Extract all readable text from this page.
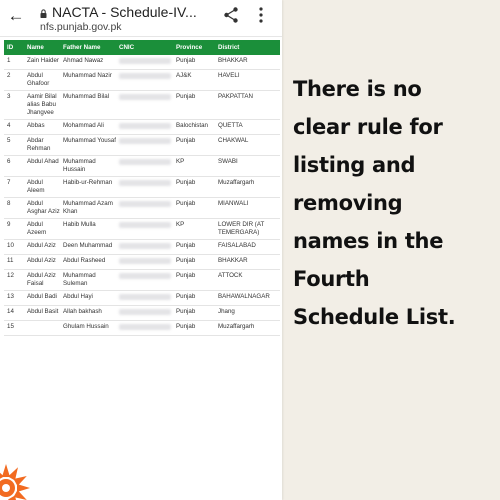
← NACTA - Schedule-IV...
nfs.punjab.gov.pk
ID	Name	Father Name	CNIC	Province	District
1	Zain Haider	Ahmad Nawaz		Punjab	BHAKKAR
2	Abdul Ghafoor	Muhammad Nazir		AJ&K	HAVELI
3	Aamir Bilal alias Babu Jhangvee	Muhammad Bilal		Punjab	PAKPATTAN
4	Abbas	Mohammad Ali		Balochistan	QUETTA
5	Abdar Rehman	Muhammad Yousaf		Punjab	CHAKWAL
6	Abdul Ahad	Muhammad Hussain		KP	SWABI
7	Abdul Aleem	Habib-ur-Rehman		Punjab	Muzaffargarh
8	Abdul Asghar Aziz	Muhammad Azam Khan		Punjab	MIANWALI
9	Abdul Azeem	Habib Mulla		KP	LOWER DIR (AT TEMERGARA)
10	Abdul Aziz	Deen Muhammad		Punjab	FAISALABAD
11	Abdul Aziz	Abdul Rasheed		Punjab	BHAKKAR
12	Abdul Aziz Faisal	Muhammad Suleman		Punjab	ATTOCK
13	Abdul Badi	Abdul Hayi		Punjab	BAHAWALNAGAR
14	Abdul Basit	Allah bakhash		Punjab	Jhang
15		Ghulam Hussain		Punjab	Muzaffargarh
There is no
clear rule for
listing and
removing
names in the
Fourth
Schedule List.
